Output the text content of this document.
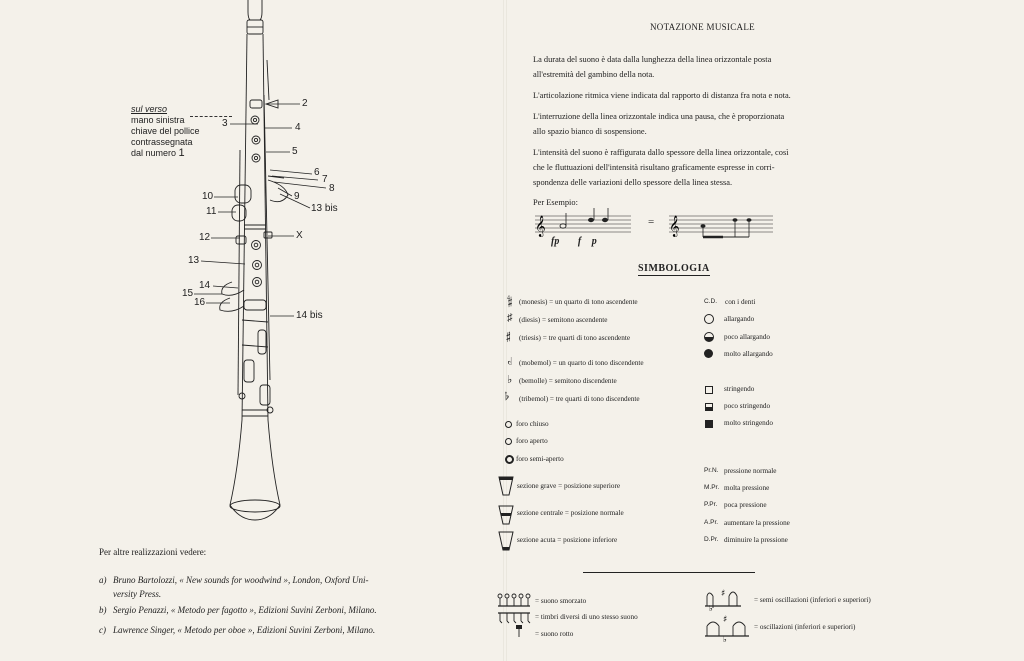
sul verso
mano sinistra
chiave del pollice
contrassegnata
dal numero 1
2
3	4
5
6
7
8
9
10
11	13 bis
12	X
13
14
15
16
14 bis
Per altre realizzazioni vedere:
a) Bruno Bartolozzi, « New sounds for woodwind », London, Oxford Uni-
versity Press.
b) Sergio Penazzi, « Metodo per fagotto », Edizioni Suvini Zerboni, Milano.
c) Lawrence Singer, « Metodo per oboe », Edizioni Suvini Zerboni, Milano.
NOTAZIONE MUSICALE
La durata del suono è data dalla lunghezza della linea orizzontale posta
all'estremità del gambino della nota.
L'articolazione ritmica viene indicata dal rapporto di distanza fra nota e nota.
L'interruzione della linea orizzontale indica una pausa, che è proporzionata
allo spazio bianco di sospensione.
L'intensità del suono è raffigurata dallo spessore della linea orizzontale, così
che le fluttuazioni dell'intensità risultano graficamente espresse in corri-
spondenza delle variazioni dello spessore della linea stessa.
Per Esempio:
𝄞
fp f p
= 𝄞
SIMBOLOGIA
𝄲 (monesis) = un quarto di tono ascendente
♯ (diesis) = semitono ascendente
𝄰 (triesis) = tre quarti di tono ascendente
♭ (mobemol) = un quarto di tono discendente
♭ (bemolle) = semitono discendente
𝄬 (tribemol) = tre quarti di tono discendente
foro chiuso
foro aperto
foro semi-aperto
sezione grave = posizione superiore
sezione centrale = posizione normale
sezione acuta = posizione inferiore
C.D. con i denti
allargando
poco allargando
molto allargando
stringendo
poco stringendo
molto stringendo
Pr.N. pressione normale
M.Pr. molta pressione
P.Pr. poca pressione
A.Pr. aumentare la pressione
D.Pr. diminuire la pressione
= suono smorzato
= timbri diversi di uno stesso suono
= suono rotto
♯
♭
= semi oscillazioni (inferiori e superiori)
♯
♭
= oscillazioni (inferiori e superiori)
